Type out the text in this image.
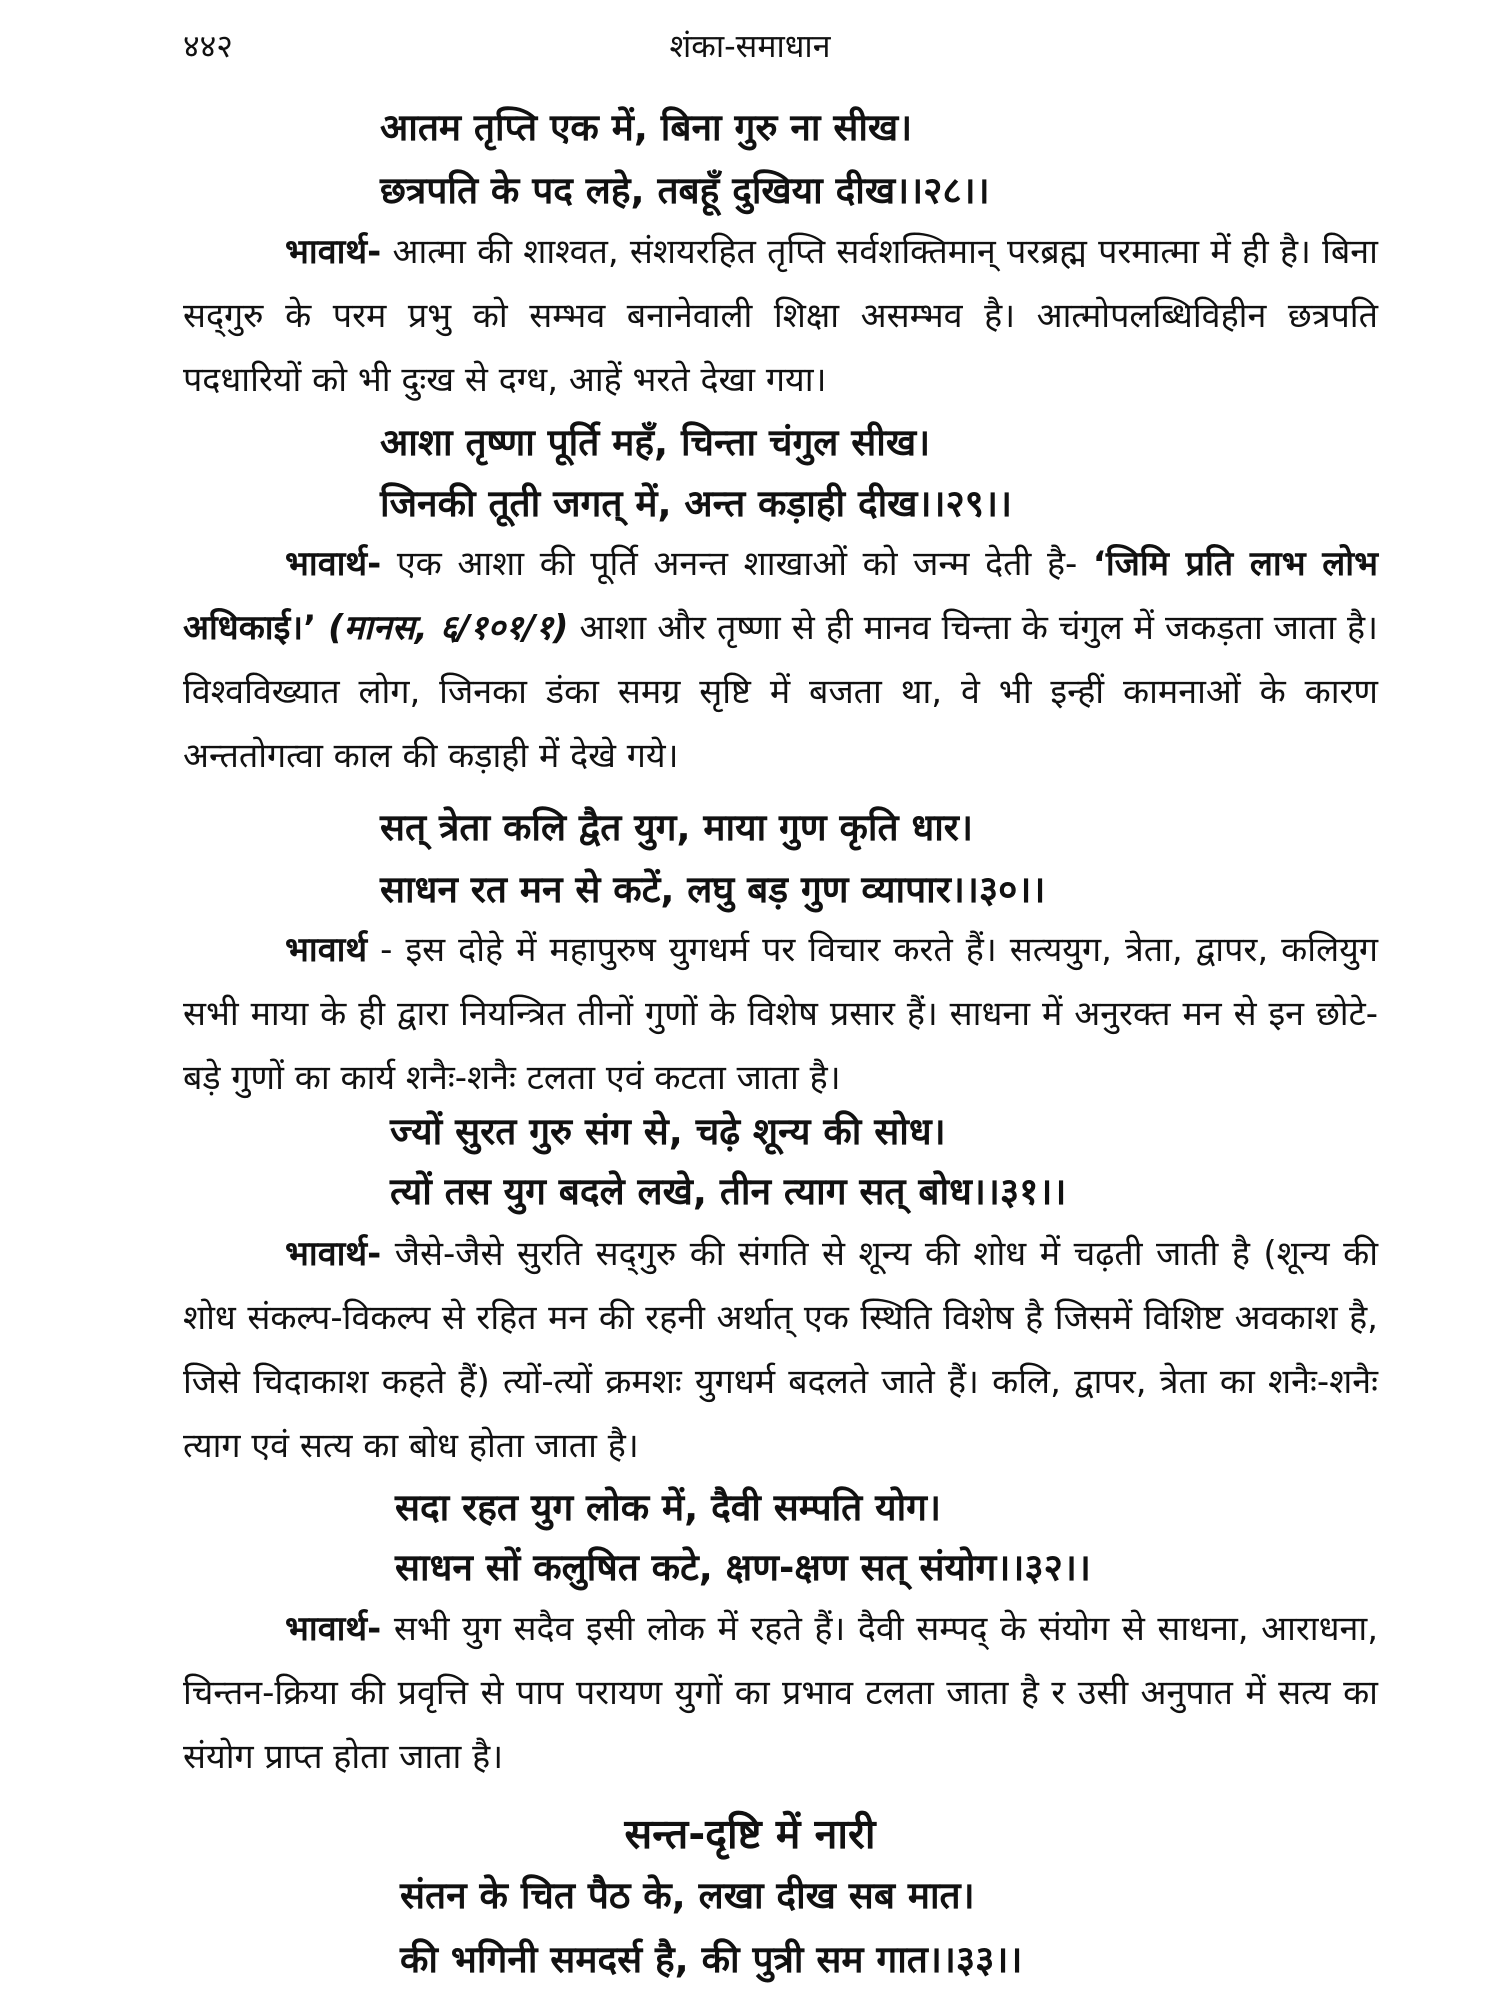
४४२	शंका-समाधान
आतम तृप्ति एक में, बिना गुरु ना सीख।
छत्रपति के पद लहे, तबहूँ दुखिया दीख।।२८।।

भावार्थ- आत्मा की शाश्वत, संशयरहित तृप्ति सर्वशक्तिमान् परब्रह्म परमात्मा में ही है। बिना सद्‌गुरु के परम प्रभु को सम्भव बनानेवाली शिक्षा असम्भव है। आत्मोपलब्धिविहीन छत्रपति पदधारियों को भी दुःख से दग्ध, आहें भरते देखा गया।

आशा तृष्णा पूर्ति महँ, चिन्ता चंगुल सीख।
जिनकी तूती जगत् में, अन्त कड़ाही दीख।।२९।।

भावार्थ- एक आशा की पूर्ति अनन्त शाखाओं को जन्म देती है- ‘जिमि प्रति लाभ लोभ अधिकाई।’ (मानस, ६/१०१/१) आशा और तृष्णा से ही मानव चिन्ता के चंगुल में जकड़ता जाता है। विश्वविख्यात लोग, जिनका डंका समग्र सृष्टि में बजता था, वे भी इन्हीं कामनाओं के कारण अन्ततोगत्वा काल की कड़ाही में देखे गये।

सत् त्रेता कलि द्वैत युग, माया गुण कृति धार।
साधन रत मन से कटें, लघु बड़ गुण व्यापार।।३०।।

भावार्थ - इस दोहे में महापुरुष युगधर्म पर विचार करते हैं। सत्ययुग, त्रेता, द्वापर, कलियुग सभी माया के ही द्वारा नियन्त्रित तीनों गुणों के विशेष प्रसार हैं। साधना में अनुरक्त मन से इन छोटे-बड़े गुणों का कार्य शनैः-शनैः टलता एवं कटता जाता है।

ज्यों सुरत गुरु संग से, चढ़े शून्य की सोध।
त्यों तस युग बदले लखे, तीन त्याग सत् बोध।।३१।।

भावार्थ- जैसे-जैसे सुरति सद्‌गुरु की संगति से शून्य की शोध में चढ़ती जाती है (शून्य की शोध संकल्प-विकल्प से रहित मन की रहनी अर्थात् एक स्थिति विशेष है जिसमें विशिष्ट अवकाश है, जिसे चिदाकाश कहते हैं) त्यों-त्यों क्रमशः युगधर्म बदलते जाते हैं। कलि, द्वापर, त्रेता का शनैः-शनैः त्याग एवं सत्य का बोध होता जाता है।

सदा रहत युग लोक में, दैवी सम्पति योग।
साधन सों कलुषित कटे, क्षण-क्षण सत् संयोग।।३२।।

भावार्थ- सभी युग सदैव इसी लोक में रहते हैं। दैवी सम्पद् के संयोग से साधना, आराधना, चिन्तन-क्रिया की प्रवृत्ति से पाप परायण युगों का प्रभाव टलता जाता है र उसी अनुपात में सत्य का संयोग प्राप्त होता जाता है।

सन्त-दृष्टि में नारी
संतन के चित पैठ के, लखा दीख सब मात।
की भगिनी समदर्स है, की पुत्री सम गात।।३३।।
